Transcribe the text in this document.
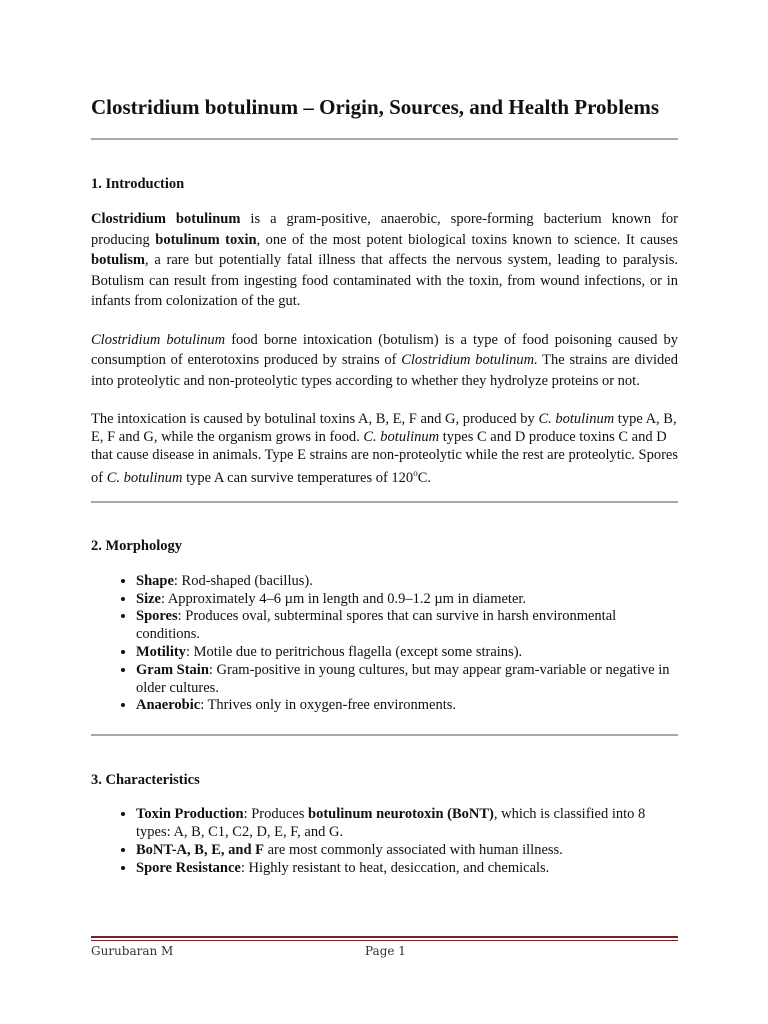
Clostridium botulinum – Origin, Sources, and Health Problems
1. Introduction

Clostridium botulinum is a gram-positive, anaerobic, spore-forming bacterium known for producing botulinum toxin, one of the most potent biological toxins known to science. It causes botulism, a rare but potentially fatal illness that affects the nervous system, leading to paralysis. Botulism can result from ingesting food contaminated with the toxin, from wound infections, or in infants from colonization of the gut.

Clostridium botulinum food borne intoxication (botulism) is a type of food poisoning caused by consumption of enterotoxins produced by strains of Clostridium botulinum. The strains are divided into proteolytic and non-proteolytic types according to whether they hydrolyze proteins or not.

The intoxication is caused by botulinal toxins A, B, E, F and G, produced by C. botulinum type A, B, E, F and G, while the organism grows in food. C. botulinum types C and D produce toxins C and D that cause disease in animals. Type E strains are non-proteolytic while the rest are proteolytic. Spores of C. botulinum type A can survive temperatures of 120$^o$C.

2. Morphology
• Shape: Rod-shaped (bacillus).
• Size: Approximately 4–6 µm in length and 0.9–1.2 µm in diameter.
• Spores: Produces oval, subterminal spores that can survive in harsh environmental conditions.
• Motility: Motile due to peritrichous flagella (except some strains).
• Gram Stain: Gram-positive in young cultures, but may appear gram-variable or negative in older cultures.
• Anaerobic: Thrives only in oxygen-free environments.
3. Characteristics
• Toxin Production: Produces botulinum neurotoxin (BoNT), which is classified into 8 types: A, B, C1, C2, D, E, F, and G.
• BoNT-A, B, E, and F are most commonly associated with human illness.
• Spore Resistance: Highly resistant to heat, desiccation, and chemicals.
Gurubaran M	Page 1
